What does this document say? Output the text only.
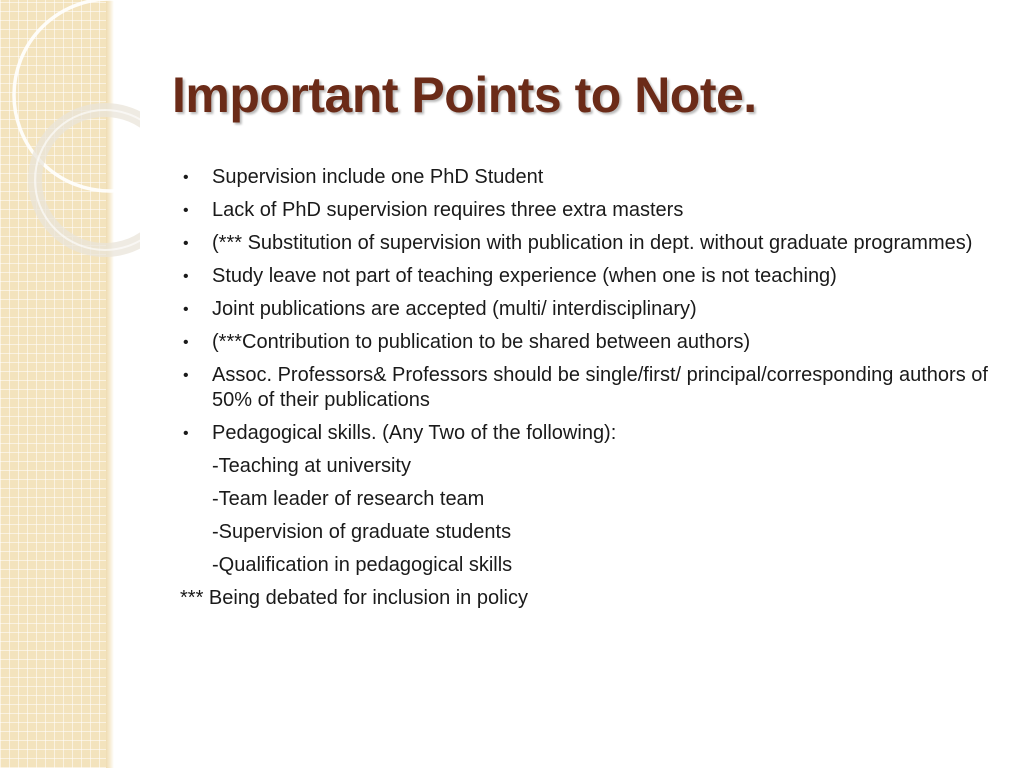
Important Points to Note.
• Supervision include one PhD Student
• Lack of PhD supervision requires three extra masters
• (*** Substitution of supervision with publication in dept. without graduate programmes)
• Study leave not part of teaching experience (when one is not teaching)
• Joint publications are accepted (multi/ interdisciplinary)
• (***Contribution to publication to be shared between authors)
• Assoc. Professors& Professors should be single/first/ principal/corresponding authors of 50% of their publications
• Pedagogical skills. (Any Two of the following):
-Teaching at university
-Team leader of research team
-Supervision of graduate students
-Qualification in pedagogical skills
*** Being debated for inclusion in policy
